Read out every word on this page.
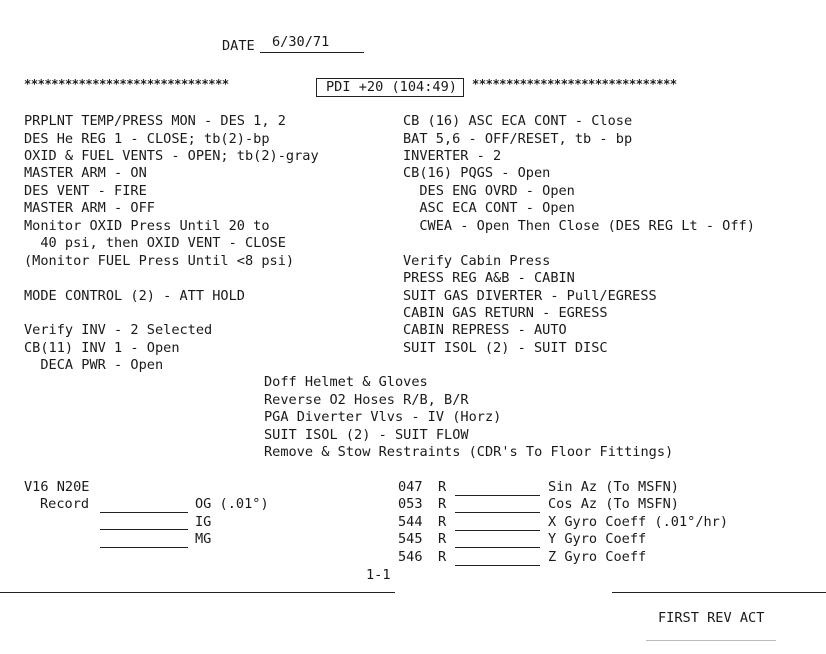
DATE 6/30/71
******************************	PDI +20 (104:49) ******************************
PRPLNT TEMP/PRESS MON - DES 1, 2
DES He REG 1 - CLOSE; tb(2)-bp
OXID & FUEL VENTS - OPEN; tb(2)-gray
MASTER ARM - ON
DES VENT - FIRE
MASTER ARM - OFF
Monitor OXID Press Until 20 to
40 psi, then OXID VENT - CLOSE
(Monitor FUEL Press Until <8 psi)
MODE CONTROL (2) - ATT HOLD
Verify INV - 2 Selected
CB(11) INV 1 - Open
DECA PWR - Open
CB (16) ASC ECA CONT - Close
BAT 5,6 - OFF/RESET, tb - bp
INVERTER - 2
CB(16) PQGS - Open
DES ENG OVRD - Open
ASC ECA CONT - Open
CWEA - Open Then Close (DES REG Lt - Off)
Verify Cabin Press
PRESS REG A&B - CABIN
SUIT GAS DIVERTER - Pull/EGRESS
CABIN GAS RETURN - EGRESS
CABIN REPRESS - AUTO
SUIT ISOL (2) - SUIT DISC
Doff Helmet & Gloves
Reverse O2 Hoses R/B, B/R
PGA Diverter Vlvs - IV (Horz)
SUIT ISOL (2) - SUIT FLOW
Remove & Stow Restraints (CDR's To Floor Fittings)
V16 N20E
Record	OG (.01°)
IG
MG
047 R	Sin Az (To MSFN)
053 R	Cos Az (To MSFN)
544 R	X Gyro Coeff (.01°/hr)
545 R	Y Gyro Coeff
546 R	Z Gyro Coeff
1-1
FIRST REV ACT
